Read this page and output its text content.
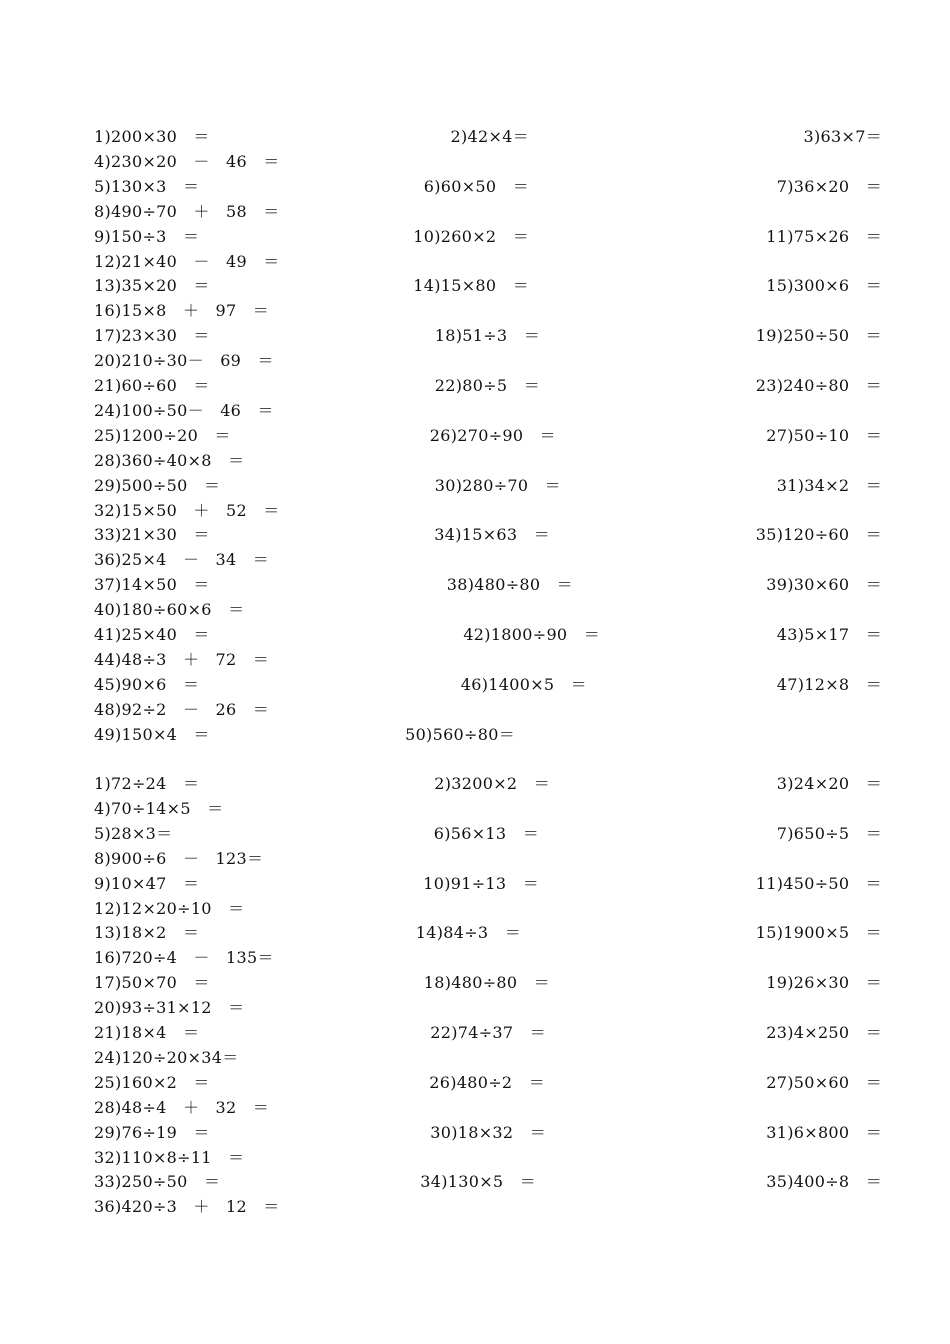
1)200×30　＝	2)42×4＝	3)63×7＝
4)230×20　－　46　＝
5)130×3　＝	6)60×50　＝	7)36×20　＝
8)490÷70　＋　58　＝
9)150÷3　＝	10)260×2　＝	11)75×26　＝
12)21×40　－　49　＝
13)35×20　＝	14)15×80　＝	15)300×6　＝
16)15×8　＋　97　＝
17)23×30　＝	18)51÷3　＝	19)250÷50　＝
20)210÷30－　69　＝
21)60÷60　＝	22)80÷5　＝	23)240÷80　＝
24)100÷50－　46　＝
25)1200÷20　＝	26)270÷90　＝	27)50÷10　＝
28)360÷40×8　＝
29)500÷50　＝	30)280÷70　＝	31)34×2　＝
32)15×50　＋　52　＝
33)21×30　＝	34)15×63　＝	35)120÷60　＝
36)25×4　－　34　＝
37)14×50　＝	38)480÷80　＝	39)30×60　＝
40)180÷60×6　＝
41)25×40　＝	42)1800÷90　＝	43)5×17　＝
44)48÷3　＋　72　＝
45)90×6　＝	46)1400×5　＝	47)12×8　＝
48)92÷2　－　26　＝
49)150×4　＝	50)560÷80＝
1)72÷24　＝	2)3200×2　＝	3)24×20　＝
4)70÷14×5　＝
5)28×3＝	6)56×13　＝	7)650÷5　＝
8)900÷6　－　123＝
9)10×47　＝	10)91÷13　＝	11)450÷50　＝
12)12×20÷10　＝
13)18×2　＝	14)84÷3　＝	15)1900×5　＝
16)720÷4　－　135＝
17)50×70　＝	18)480÷80　＝	19)26×30　＝
20)93÷31×12　＝
21)18×4　＝	22)74÷37　＝	23)4×250　＝
24)120÷20×34＝
25)160×2　＝	26)480÷2　＝	27)50×60　＝
28)48÷4　＋　32　＝
29)76÷19　＝	30)18×32　＝	31)6×800　＝
32)110×8÷11　＝
33)250÷50　＝	34)130×5　＝	35)400÷8　＝
36)420÷3　＋　12　＝
